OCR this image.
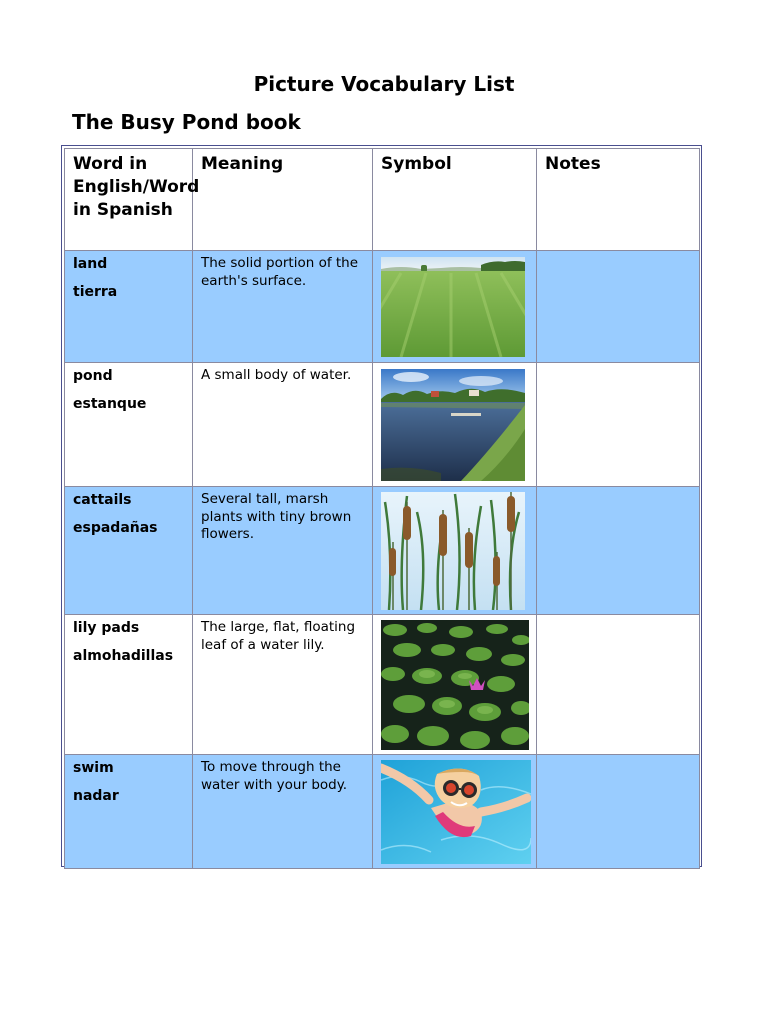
Picture Vocabulary List
The Busy Pond book
Word in English/Word in Spanish	Meaning	Symbol	Notes

land
tierra	The solid portion of the earth's surface.

pond
estanque	A small body of water.

cattails
espadañas	Several tall, marsh plants with tiny brown flowers.

lily pads
almohadillas	The large, flat, floating leaf of a water lily.

swim
nadar	To move through the water with your body.
